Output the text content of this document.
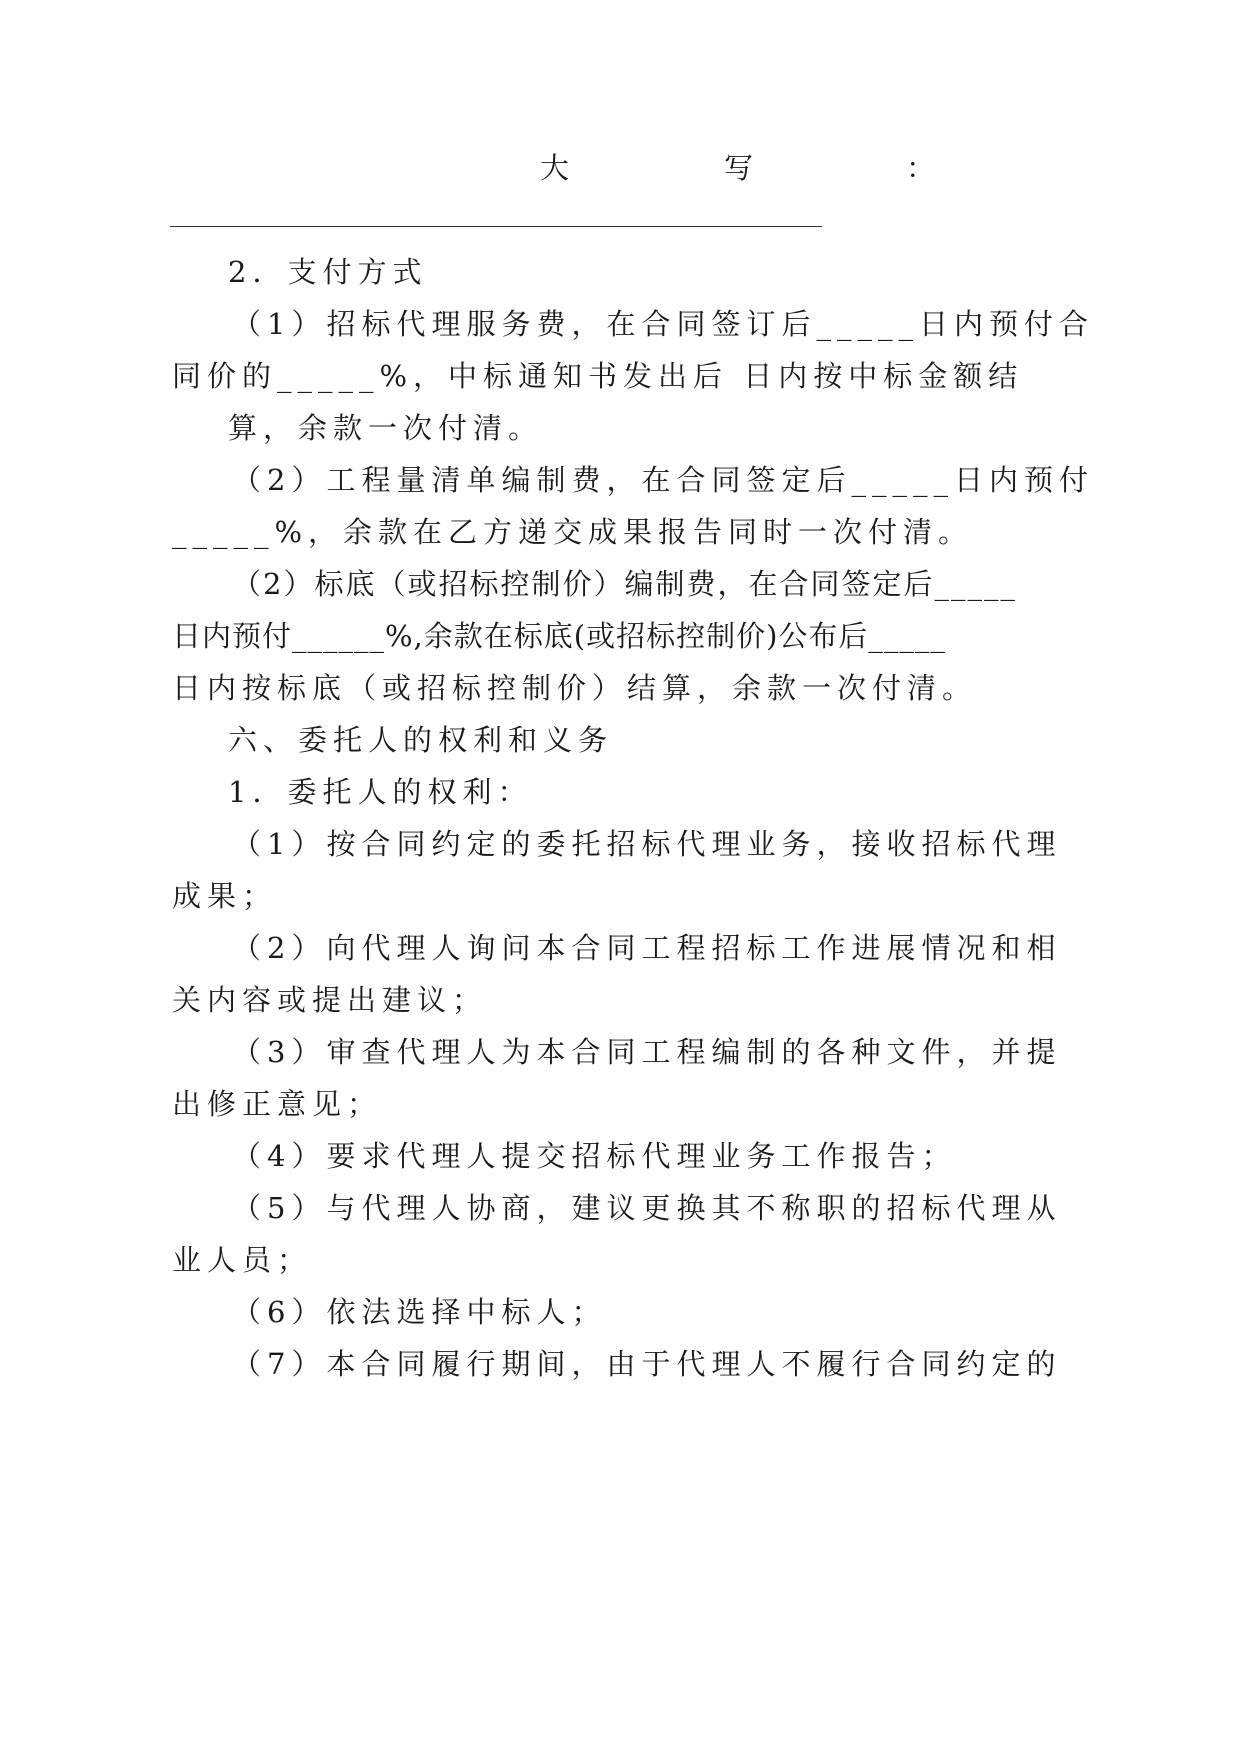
大	写	：
2．支付方式
（1）招标代理服务费，在合同签订后_____日内预付合
同价的_____%，中标通知书发出后 日内按中标金额结
算，余款一次付清。
（2）工程量清单编制费，在合同签定后_____日内预付
_____%，余款在乙方递交成果报告同时一次付清。
（2）标底（或招标控制价）编制费，在合同签定后_____
日内预付______%,余款在标底(或招标控制价)公布后_____
日内按标底（或招标控制价）结算，余款一次付清。
六、委托人的权利和义务
1．委托人的权利：
（1）按合同约定的委托招标代理业务，接收招标代理
成果；
（2）向代理人询问本合同工程招标工作进展情况和相
关内容或提出建议；
（3）审查代理人为本合同工程编制的各种文件，并提
出修正意见；
（4）要求代理人提交招标代理业务工作报告；
（5）与代理人协商，建议更换其不称职的招标代理从
业人员；
（6）依法选择中标人；
（7）本合同履行期间，由于代理人不履行合同约定的
